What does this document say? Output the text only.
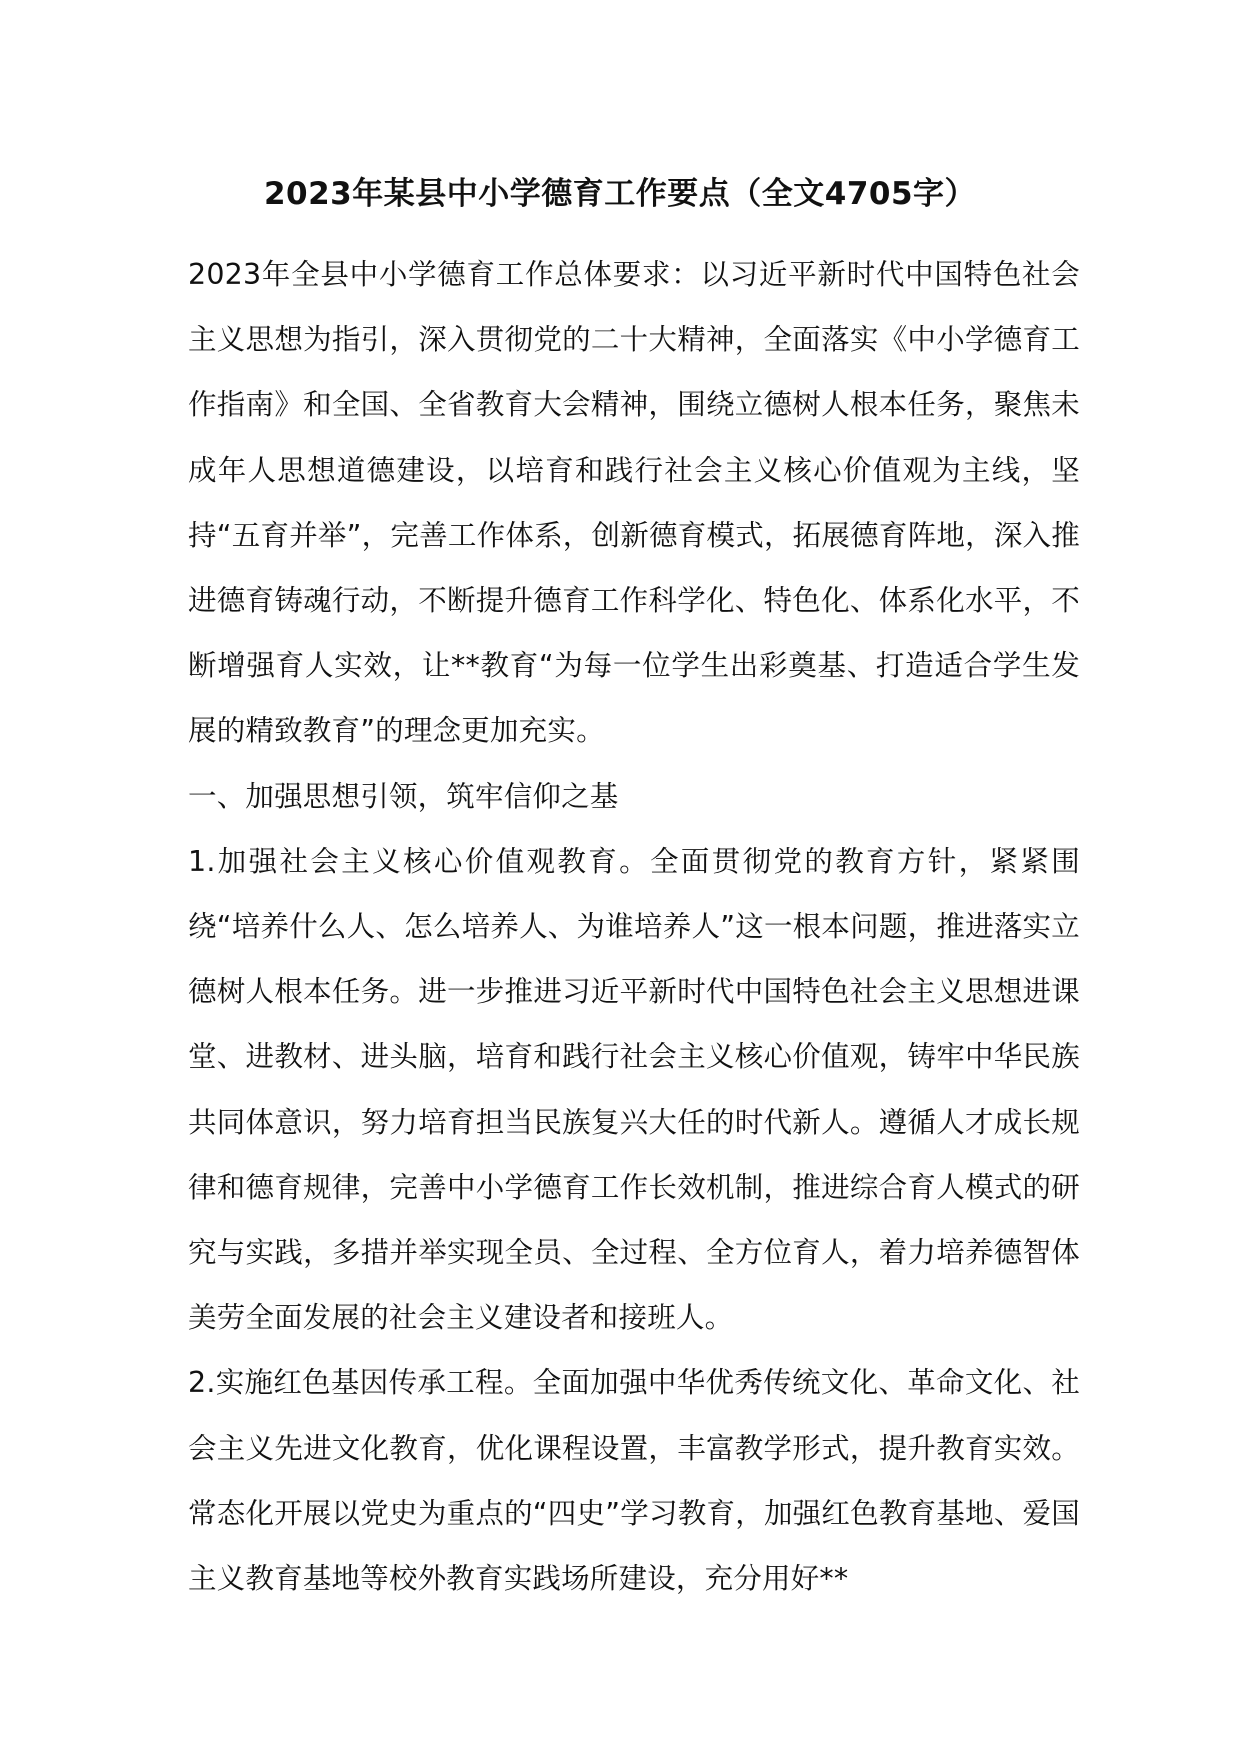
2023年某县中小学德育工作要点（全文4705字）

2023年全县中小学德育工作总体要求：以习近平新时代中国特色社会主义思想为指引，深入贯彻党的二十大精神，全面落实《中小学德育工作指南》和全国、全省教育大会精神，围绕立德树人根本任务，聚焦未成年人思想道德建设，以培育和践行社会主义核心价值观为主线，坚持“五育并举”，完善工作体系，创新德育模式，拓展德育阵地，深入推进德育铸魂行动，不断提升德育工作科学化、特色化、体系化水平，不断增强育人实效，让**教育“为每一位学生出彩奠基、打造适合学生发展的精致教育”的理念更加充实。

一、加强思想引领，筑牢信仰之基

1.加强社会主义核心价值观教育。全面贯彻党的教育方针，紧紧围绕“培养什么人、怎么培养人、为谁培养人”这一根本问题，推进落实立德树人根本任务。进一步推进习近平新时代中国特色社会主义思想进课堂、进教材、进头脑，培育和践行社会主义核心价值观，铸牢中华民族共同体意识，努力培育担当民族复兴大任的时代新人。遵循人才成长规律和德育规律，完善中小学德育工作长效机制，推进综合育人模式的研究与实践，多措并举实现全员、全过程、全方位育人，着力培养德智体美劳全面发展的社会主义建设者和接班人。

2.实施红色基因传承工程。全面加强中华优秀传统文化、革命文化、社会主义先进文化教育，优化课程设置，丰富教学形式，提升教育实效。常态化开展以党史为重点的“四史”学习教育，加强红色教育基地、爱国主义教育基地等校外教育实践场所建设，充分用好**
